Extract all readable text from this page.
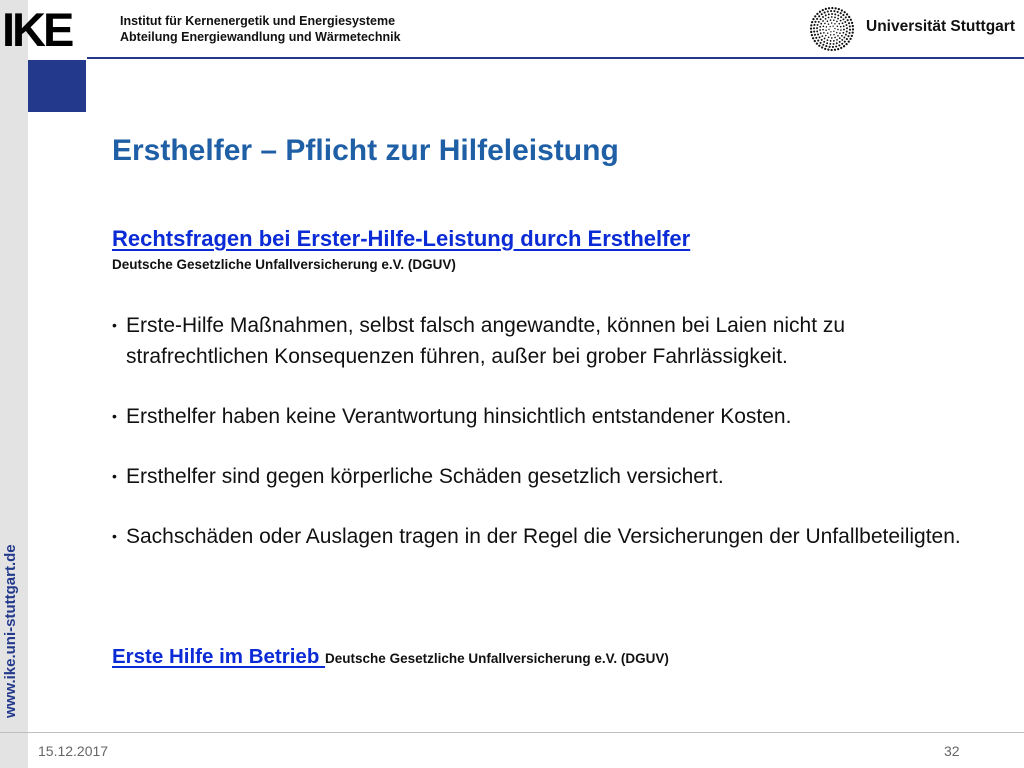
IKE	Institut für Kernenergetik und Energiesysteme
Abteilung Energiewandlung und Wärmetechnik
Universität Stuttgart
www.ike.uni-stuttgart.de
Ersthelfer – Pflicht zur Hilfeleistung
Rechtsfragen bei Erster-Hilfe-Leistung durch Ersthelfer
Deutsche Gesetzliche Unfallversicherung e.V. (DGUV)
• Erste-Hilfe Maßnahmen, selbst falsch angewandte, können bei Laien nicht zu strafrechtlichen Konsequenzen führen, außer bei grober Fahrlässigkeit.
• Ersthelfer haben keine Verantwortung hinsichtlich entstandener Kosten.
• Ersthelfer sind gegen körperliche Schäden gesetzlich versichert.
• Sachschäden oder Auslagen tragen in der Regel die Versicherungen der Unfallbeteiligten.
Erste Hilfe im Betrieb Deutsche Gesetzliche Unfallversicherung e.V. (DGUV)
15.12.2017	32
